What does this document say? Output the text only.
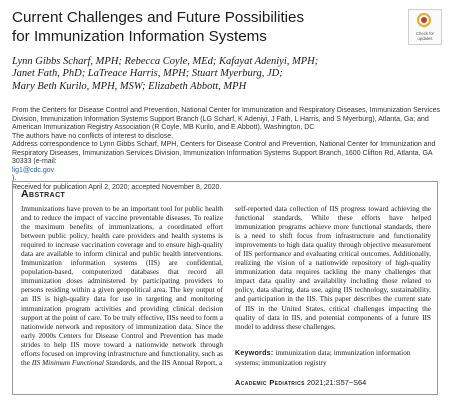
Current Challenges and Future Possibilities
for Immunization Information Systems	Check for
updates
Lynn Gibbs Scharf, MPH; Rebecca Coyle, MEd; Kafayat Adeniyi, MPH;
Janet Fath, PhD; LaTreace Harris, MPH; Stuart Myerburg, JD;
Mary Beth Kurilo, MPH, MSW; Elizabeth Abbott, MPH
From the Centers for Disease Control and Prevention, National Center for Immunization and Respiratory Diseases, Immunization Services
Division, Immunization Information Systems Support Branch (LG Scharf, K Adeniyi, J Fath, L Harris, and S Myerburg), Atlanta, Ga; and
American Immunization Registry Association (R Coyle, MB Kurilo, and E Abbott), Washington, DC
The authors have no conflicts of interest to disclose.
Address correspondence to Lynn Gibbs Scharf, MPH, Centers for Disease Control and Prevention, National Center for Immunization and
Respiratory Diseases, Immunization Services Division, Immunization Information Systems Support Branch, 1600 Clifton Rd, Atlanta, GA
30333 (e-mail:
lig1@cdc.gov
).
Received for publication April 2, 2020; accepted November 8, 2020.
Abstract

Immunizations have proven to be an important tool for public health and to reduce the impact of vaccine preventable diseases. To realize the maximum benefits of immunizations, a coordinated effort between public policy, health care providers and health systems is required to increase vaccination coverage and to ensure high-quality data are available to inform clinical and public health interventions. Immunization information systems (IIS) are confidential, population-based, computerized databases that record all immunization doses administered by participating providers to persons residing within a given geopolitical area. The key output of an IIS is high-quality data for use in targeting and monitoring immunization program activities and providing clinical decision support at the point of care. To be truly effective, IISs need to form a nationwide network and repository of immunization data. Since the early 2000s Centers for Disease Control and Prevention has made strides to help IIS move toward a nationwide network through efforts focused on improving infrastructure and functionality, such as the IIS Minimum Functional Standards, and the IIS Annual Report, a

self-reported data collection of IIS progress toward achieving the functional standards. While these efforts have helped immunization programs achieve more functional standards, there is a need to shift focus from infrastructure and functionality improvements to high data quality through objective measurement of IIS performance and evaluating critical outcomes. Additionally, realizing the vision of a nationwide repository of high-quality immunization data requires tackling the many challenges that impact data quality and availability including those related to policy, data sharing, data use, aging IIS technology, sustainability, and participation in the IIS. This paper describes the current state of IIS in the United States, critical challenges impacting the quality of data in IIS, and potential components of a future IIS model to address these challenges.

Keywords: immunization data; immunization information systems; immunization registry

Academic Pediatrics 2021;21:S57−S64
